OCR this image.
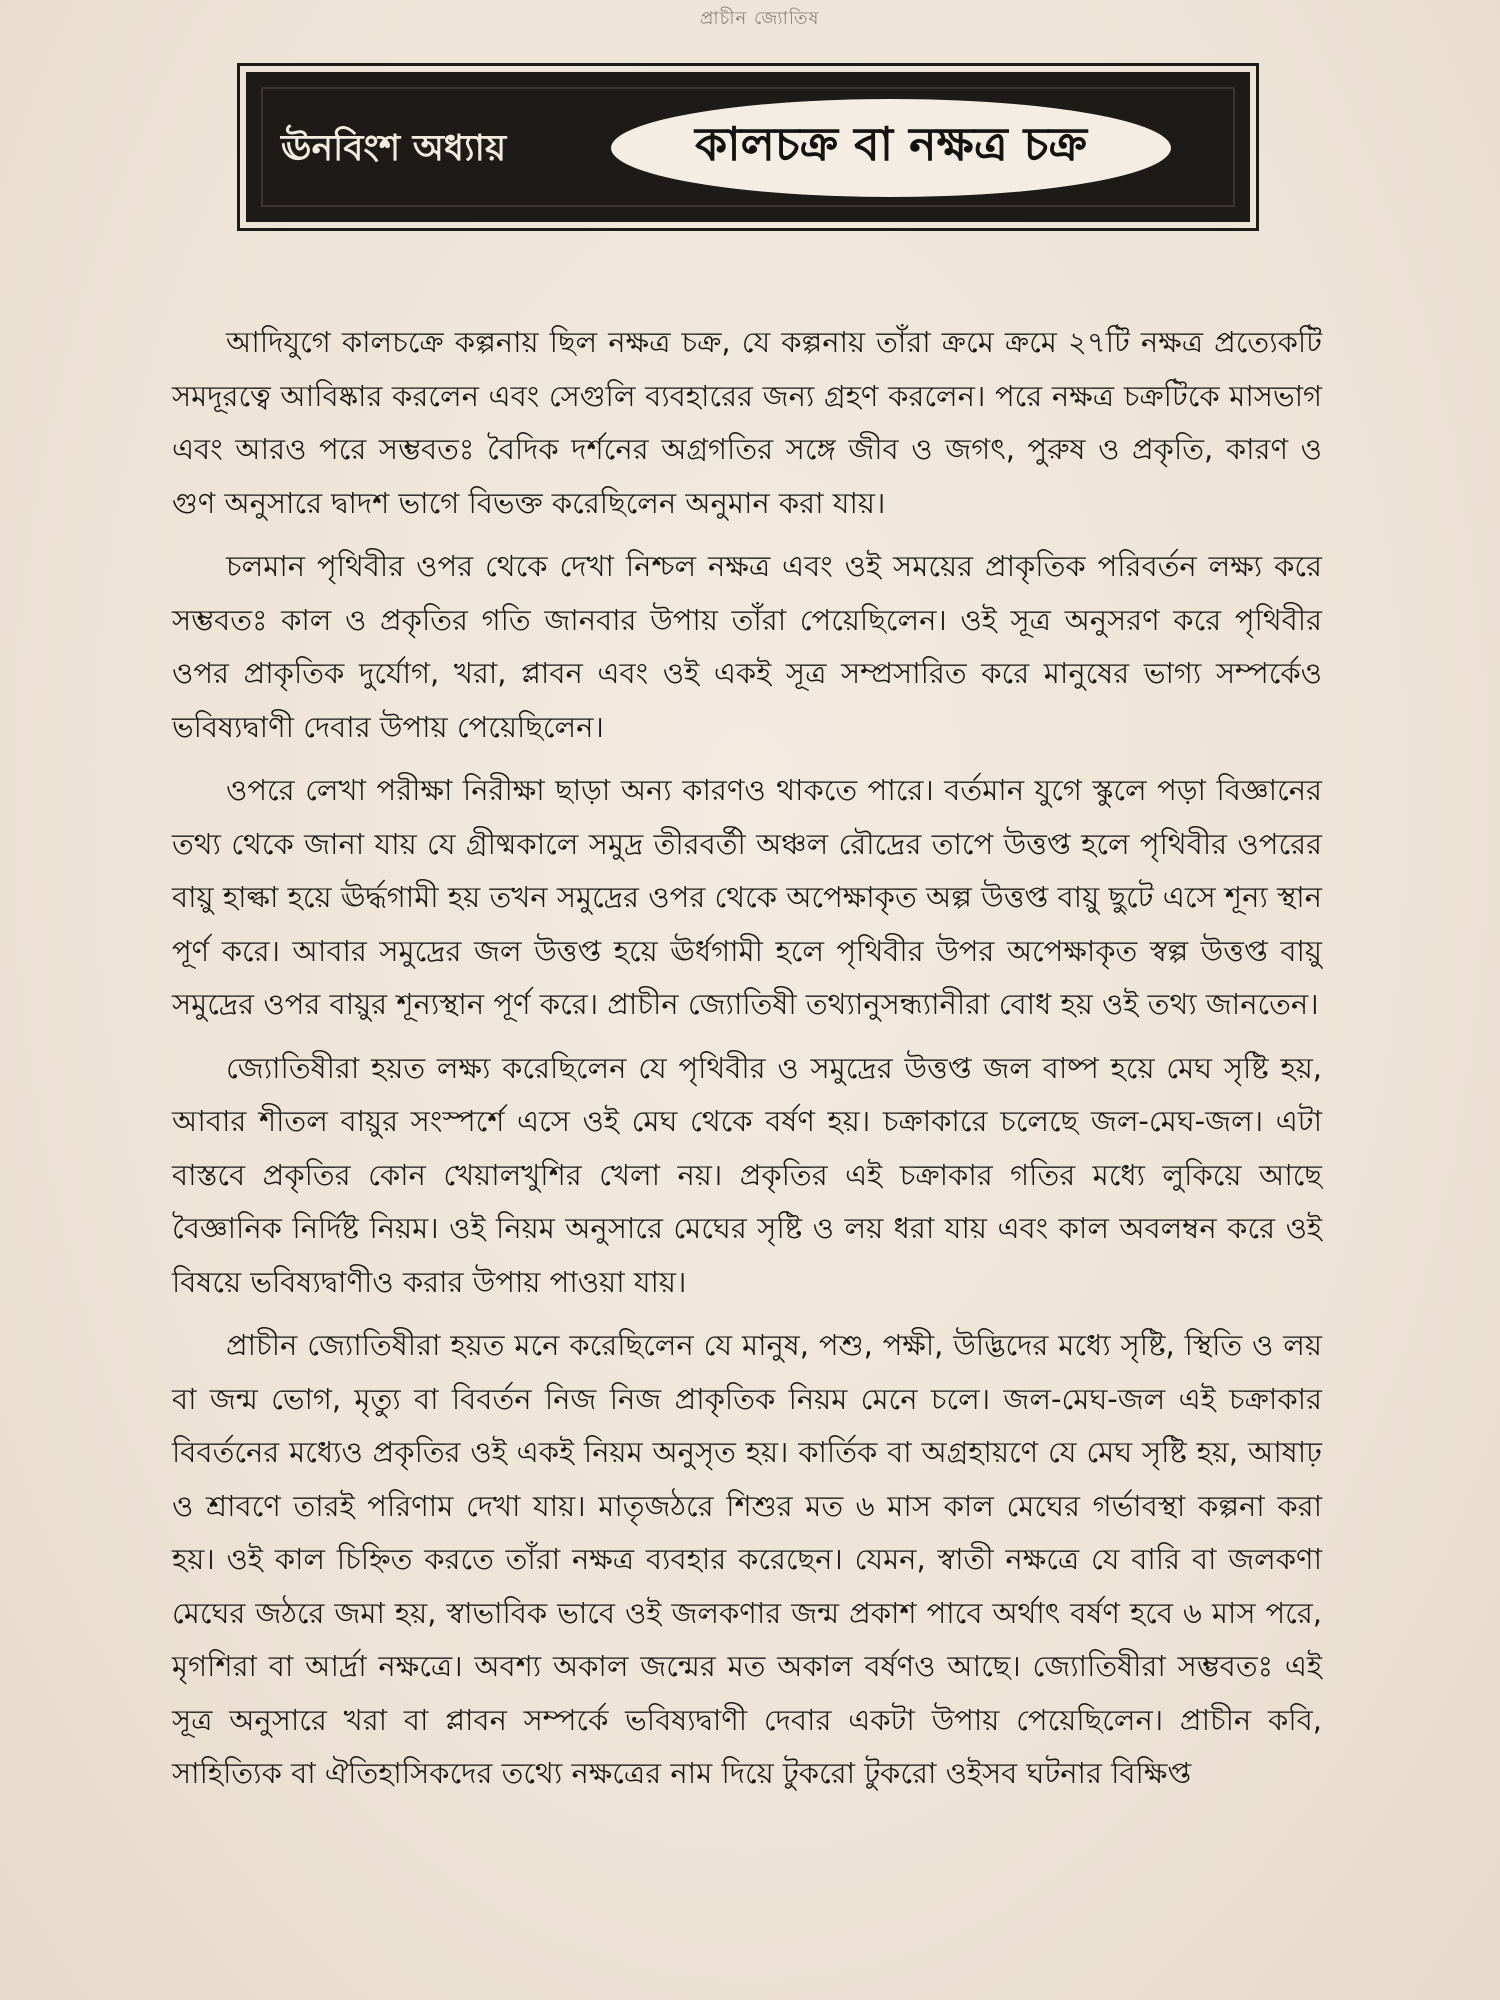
প্রাচীন জ্যোতিষ
ঊনবিংশ অধ্যায়	কালচক্র বা নক্ষত্র চক্র

আদিযুগে কালচক্রে কল্পনায় ছিল নক্ষত্র চক্র, যে কল্পনায় তাঁরা ক্রমে ক্রমে ২৭টি নক্ষত্র প্রত্যেকটি সমদূরত্বে আবিষ্কার করলেন এবং সেগুলি ব্যবহারের জন্য গ্রহণ করলেন। পরে নক্ষত্র চক্রটিকে মাসভাগ এবং আরও পরে সম্ভবতঃ বৈদিক দর্শনের অগ্রগতির সঙ্গে জীব ও জগৎ, পুরুষ ও প্রকৃতি, কারণ ও গুণ অনুসারে দ্বাদশ ভাগে বিভক্ত করেছিলেন অনুমান করা যায়।

চলমান পৃথিবীর ওপর থেকে দেখা নিশ্চল নক্ষত্র এবং ওই সময়ের প্রাকৃতিক পরিবর্তন লক্ষ্য করে সম্ভবতঃ কাল ও প্রকৃতির গতি জানবার উপায় তাঁরা পেয়েছিলেন। ওই সূত্র অনুসরণ করে পৃথিবীর ওপর প্রাকৃতিক দুর্যোগ, খরা, প্লাবন এবং ওই একই সূত্র সম্প্রসারিত করে মানুষের ভাগ্য সম্পর্কেও ভবিষ্যদ্বাণী দেবার উপায় পেয়েছিলেন।

ওপরে লেখা পরীক্ষা নিরীক্ষা ছাড়া অন্য কারণও থাকতে পারে। বর্তমান যুগে স্কুলে পড়া বিজ্ঞানের তথ্য থেকে জানা যায় যে গ্রীষ্মকালে সমুদ্র তীরবর্তী অঞ্চল রৌদ্রের তাপে উত্তপ্ত হলে পৃথিবীর ওপরের বায়ু হাল্কা হয়ে ঊর্দ্ধগামী হয় তখন সমুদ্রের ওপর থেকে অপেক্ষাকৃত অল্প উত্তপ্ত বায়ু ছুটে এসে শূন্য স্থান পূর্ণ করে। আবার সমুদ্রের জল উত্তপ্ত হয়ে ঊর্ধগামী হলে পৃথিবীর উপর অপেক্ষাকৃত স্বল্প উত্তপ্ত বায়ু সমুদ্রের ওপর বায়ুর শূন্যস্থান পূর্ণ করে। প্রাচীন জ্যোতিষী তথ্যানুসন্ধ্যানীরা বোধ হয় ওই তথ্য জানতেন।

জ্যোতিষীরা হয়ত লক্ষ্য করেছিলেন যে পৃথিবীর ও সমুদ্রের উত্তপ্ত জল বাষ্প হয়ে মেঘ সৃষ্টি হয়, আবার শীতল বায়ুর সংস্পর্শে এসে ওই মেঘ থেকে বর্ষণ হয়। চক্রাকারে চলেছে জল-মেঘ-জল। এটা বাস্তবে প্রকৃতির কোন খেয়ালখুশির খেলা নয়। প্রকৃতির এই চক্রাকার গতির মধ্যে লুকিয়ে আছে বৈজ্ঞানিক নির্দিষ্ট নিয়ম। ওই নিয়ম অনুসারে মেঘের সৃষ্টি ও লয় ধরা যায় এবং কাল অবলম্বন করে ওই বিষয়ে ভবিষ্যদ্বাণীও করার উপায় পাওয়া যায়।

প্রাচীন জ্যোতিষীরা হয়ত মনে করেছিলেন যে মানুষ, পশু, পক্ষী, উদ্ভিদের মধ্যে সৃষ্টি, স্থিতি ও লয় বা জন্ম ভোগ, মৃত্যু বা বিবর্তন নিজ নিজ প্রাকৃতিক নিয়ম মেনে চলে। জল-মেঘ-জল এই চক্রাকার বিবর্তনের মধ্যেও প্রকৃতির ওই একই নিয়ম অনুসৃত হয়। কার্তিক বা অগ্রহায়ণে যে মেঘ সৃষ্টি হয়, আষাঢ় ও শ্রাবণে তারই পরিণাম দেখা যায়। মাতৃজঠরে শিশুর মত ৬ মাস কাল মেঘের গর্ভাবস্থা কল্পনা করা হয়। ওই কাল চিহ্নিত করতে তাঁরা নক্ষত্র ব্যবহার করেছেন। যেমন, স্বাতী নক্ষত্রে যে বারি বা জলকণা মেঘের জঠরে জমা হয়, স্বাভাবিক ভাবে ওই জলকণার জন্ম প্রকাশ পাবে অর্থাৎ বর্ষণ হবে ৬ মাস পরে, মৃগশিরা বা আর্দ্রা নক্ষত্রে। অবশ্য অকাল জন্মের মত অকাল বর্ষণও আছে। জ্যোতিষীরা সম্ভবতঃ এই সূত্র অনুসারে খরা বা প্লাবন সম্পর্কে ভবিষ্যদ্বাণী দেবার একটা উপায় পেয়েছিলেন। প্রাচীন কবি, সাহিত্যিক বা ঐতিহাসিকদের তথ্যে নক্ষত্রের নাম দিয়ে টুকরো টুকরো ওইসব ঘটনার বিক্ষিপ্ত
